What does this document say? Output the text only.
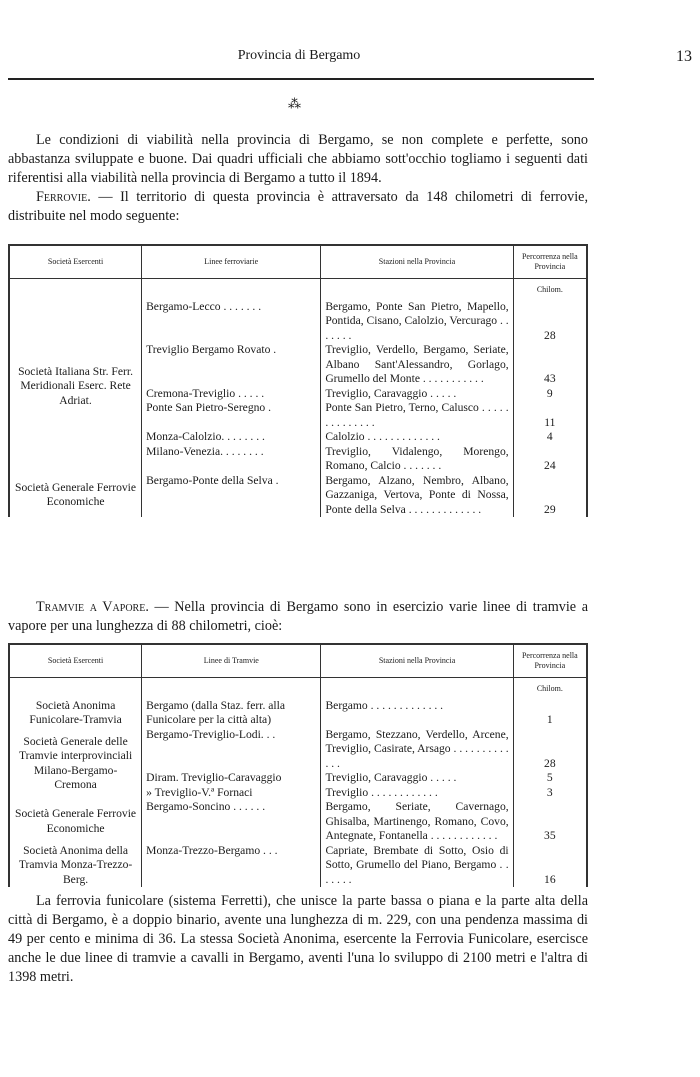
Provincia di Bergamo	13
⁂

Le condizioni di viabilità nella provincia di Bergamo, se non complete e perfette, sono abbastanza sviluppate e buone. Dai quadri ufficiali che abbiamo sott'occhio togliamo i seguenti dati riferentisi alla viabilità nella provincia di Bergamo a tutto il 1894.

Ferrovie. — Il territorio di questa provincia è attraversato da 148 chilometri di ferrovie, distribuite nel modo seguente:

Società Esercenti	Linee ferroviarie	Stazioni nella Provincia	Percorrenza nella Provincia
			Chilom.
Società Italiana Str. Ferr. Meridionali Eserc. Rete Adriat.	Bergamo-Lecco . . . . . . .	Bergamo, Ponte San Pietro, Mapello, Pontida, Cisano, Calolzio, Vercurago . . . . . . .	28
	Treviglio Bergamo Rovato .	Treviglio, Verdello, Bergamo, Seriate, Albano Sant'Alessandro, Gorlago, Grumello del Monte . . . . . . . . . . .	43
	Cremona-Treviglio . . . . .	Treviglio, Caravaggio . . . . .	9
	Ponte San Pietro-Seregno .	Ponte San Pietro, Terno, Calusco . . . . . . . . . . . . . .	11
	Monza-Calolzio. . . . . . . .	Calolzio . . . . . . . . . . . . .	4
	Milano-Venezia. . . . . . . .	Treviglio, Vidalengo, Morengo, Romano, Calcio . . . . . . .	24
Società Generale Ferrovie Economiche	Bergamo-Ponte della Selva .	Bergamo, Alzano, Nembro, Albano, Gazzaniga, Vertova, Ponte di Nossa, Ponte della Selva . . . . . . . . . . . . .	29

Tramvie a Vapore. — Nella provincia di Bergamo sono in esercizio varie linee di tramvie a vapore per una lunghezza di 88 chilometri, cioè:

Società Esercenti	Linee di Tramvie	Stazioni nella Provincia	Percorrenza nella Provincia
			Chilom.
Società Anonima Funicolare-Tramvia	Bergamo (dalla Staz. ferr. alla Funicolare per la città alta)	Bergamo . . . . . . . . . . . . .	1
Società Generale delle Tramvie interprovinciali Milano-Bergamo-Cremona	Bergamo-Treviglio-Lodi. . .	Bergamo, Stezzano, Verdello, Arcene, Treviglio, Casirate, Arsago . . . . . . . . . . . . .	28
	Diram. Treviglio-Caravaggio	Treviglio, Caravaggio . . . . .	5
	» Treviglio-V.ª Fornaci	Treviglio . . . . . . . . . . . .	3
Società Generale Ferrovie Economiche	Bergamo-Soncino . . . . . .	Bergamo, Seriate, Cavernago, Ghisalba, Martinengo, Romano, Covo, Antegnate, Fontanella . . . . . . . . . . . .	35
Società Anonima della Tramvia Monza-Trezzo-Berg.	Monza-Trezzo-Bergamo . . .	Capriate, Brembate di Sotto, Osio di Sotto, Grumello del Piano, Bergamo . . . . . . .	16

La ferrovia funicolare (sistema Ferretti), che unisce la parte bassa o piana e la parte alta della città di Bergamo, è a doppio binario, avente una lunghezza di m. 229, con una pendenza massima di 49 per cento e minima di 36. La stessa Società Anonima, esercente la Ferrovia Funicolare, esercisce anche le due linee di tramvie a cavalli in Bergamo, aventi l'una lo sviluppo di 2100 metri e l'altra di 1398 metri.
